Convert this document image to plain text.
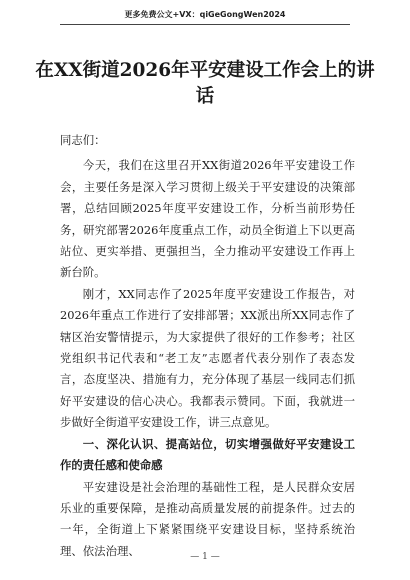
更多免费公文+VX：qiGeGongWen2024
在XX街道2026年平安建设工作会上的讲话

同志们：

今天，我们在这里召开XX街道2026年平安建设工作会，主要任务是深入学习贯彻上级关于平安建设的决策部署，总结回顾2025年度平安建设工作，分析当前形势任务，研究部署2026年度重点工作，动员全街道上下以更高站位、更实举措、更强担当，全力推动平安建设工作再上新台阶。

刚才，XX同志作了2025年度平安建设工作报告，对2026年重点工作进行了安排部署；XX派出所XX同志作了辖区治安警情提示，为大家提供了很好的工作参考；社区党组织书记代表和“老工友”志愿者代表分别作了表态发言，态度坚决、措施有力，充分体现了基层一线同志们抓好平安建设的信心决心。我都表示赞同。下面，我就进一步做好全街道平安建设工作，讲三点意见。

一、深化认识、提高站位，切实增强做好平安建设工作的责任感和使命感

平安建设是社会治理的基础性工程，是人民群众安居乐业的重要保障，是推动高质量发展的前提条件。过去的一年，全街道上下紧紧围绕平安建设目标，坚持系统治理、依法治理、	— 1 —
